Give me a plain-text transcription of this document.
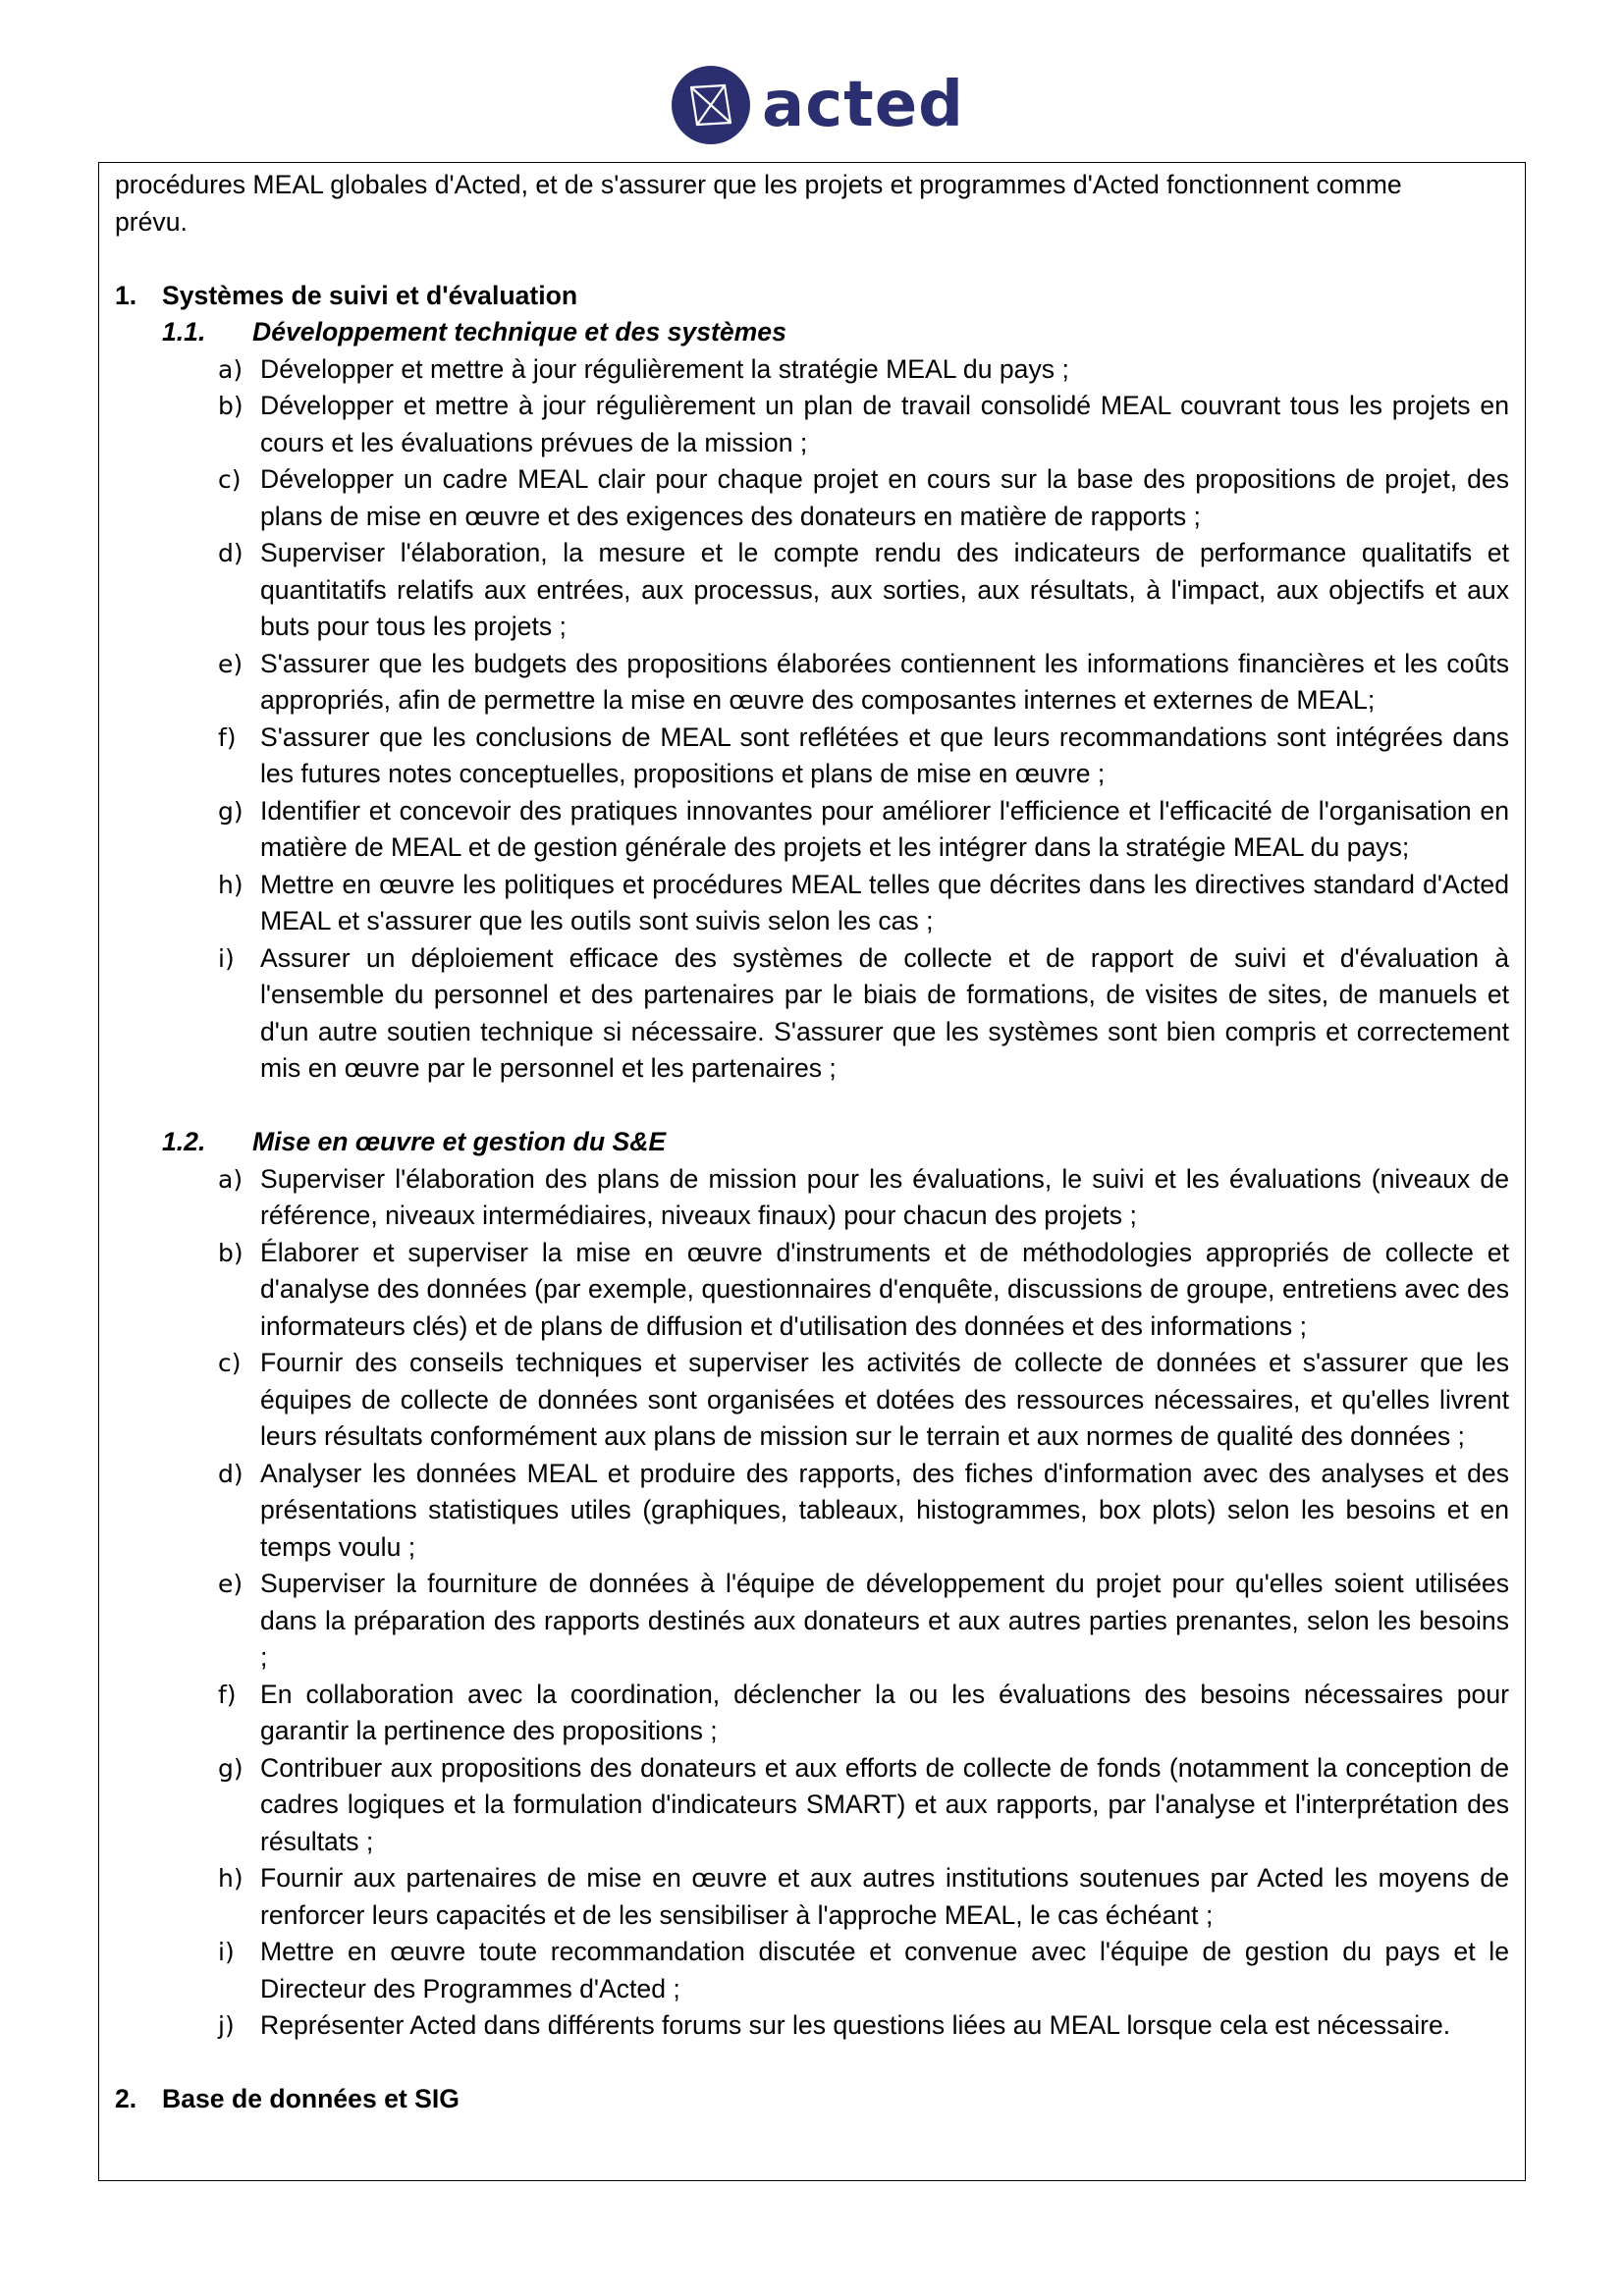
acted
procédures MEAL globales d'Acted, et de s'assurer que les projets et programmes d'Acted fonctionnent comme
prévu.
1. Systèmes de suivi et d'évaluation
1.1.	Développement technique et des systèmes
a) Développer et mettre à jour régulièrement la stratégie MEAL du pays ;
b) Développer et mettre à jour régulièrement un plan de travail consolidé MEAL couvrant tous les projets en cours et les évaluations prévues de la mission ;
c) Développer un cadre MEAL clair pour chaque projet en cours sur la base des propositions de projet, des plans de mise en œuvre et des exigences des donateurs en matière de rapports ;
d) Superviser l'élaboration, la mesure et le compte rendu des indicateurs de performance qualitatifs et quantitatifs relatifs aux entrées, aux processus, aux sorties, aux résultats, à l'impact, aux objectifs et aux buts pour tous les projets ;
e) S'assurer que les budgets des propositions élaborées contiennent les informations financières et les coûts appropriés, afin de permettre la mise en œuvre des composantes internes et externes de MEAL;
f) S'assurer que les conclusions de MEAL sont reflétées et que leurs recommandations sont intégrées dans les futures notes conceptuelles, propositions et plans de mise en œuvre ;
g) Identifier et concevoir des pratiques innovantes pour améliorer l'efficience et l'efficacité de l'organisation en matière de MEAL et de gestion générale des projets et les intégrer dans la stratégie MEAL du pays;
h) Mettre en œuvre les politiques et procédures MEAL telles que décrites dans les directives standard d'Acted MEAL et s'assurer que les outils sont suivis selon les cas ;
i) Assurer un déploiement efficace des systèmes de collecte et de rapport de suivi et d'évaluation à l'ensemble du personnel et des partenaires par le biais de formations, de visites de sites, de manuels et d'un autre soutien technique si nécessaire. S'assurer que les systèmes sont bien compris et correctement mis en œuvre par le personnel et les partenaires ;
1.2.	Mise en œuvre et gestion du S&E
a) Superviser l'élaboration des plans de mission pour les évaluations, le suivi et les évaluations (niveaux de référence, niveaux intermédiaires, niveaux finaux) pour chacun des projets ;
b) Élaborer et superviser la mise en œuvre d'instruments et de méthodologies appropriés de collecte et d'analyse des données (par exemple, questionnaires d'enquête, discussions de groupe, entretiens avec des informateurs clés) et de plans de diffusion et d'utilisation des données et des informations ;
c) Fournir des conseils techniques et superviser les activités de collecte de données et s'assurer que les équipes de collecte de données sont organisées et dotées des ressources nécessaires, et qu'elles livrent leurs résultats conformément aux plans de mission sur le terrain et aux normes de qualité des données ;
d) Analyser les données MEAL et produire des rapports, des fiches d'information avec des analyses et des présentations statistiques utiles (graphiques, tableaux, histogrammes, box plots) selon les besoins et en temps voulu ;
e) Superviser la fourniture de données à l'équipe de développement du projet pour qu'elles soient utilisées dans la préparation des rapports destinés aux donateurs et aux autres parties prenantes, selon les besoins ;
f) En collaboration avec la coordination, déclencher la ou les évaluations des besoins nécessaires pour garantir la pertinence des propositions ;
g) Contribuer aux propositions des donateurs et aux efforts de collecte de fonds (notamment la conception de cadres logiques et la formulation d'indicateurs SMART) et aux rapports, par l'analyse et l'interprétation des résultats ;
h) Fournir aux partenaires de mise en œuvre et aux autres institutions soutenues par Acted les moyens de renforcer leurs capacités et de les sensibiliser à l'approche MEAL, le cas échéant ;
i) Mettre en œuvre toute recommandation discutée et convenue avec l'équipe de gestion du pays et le Directeur des Programmes d'Acted ;
j) Représenter Acted dans différents forums sur les questions liées au MEAL lorsque cela est nécessaire.
2. Base de données et SIG
